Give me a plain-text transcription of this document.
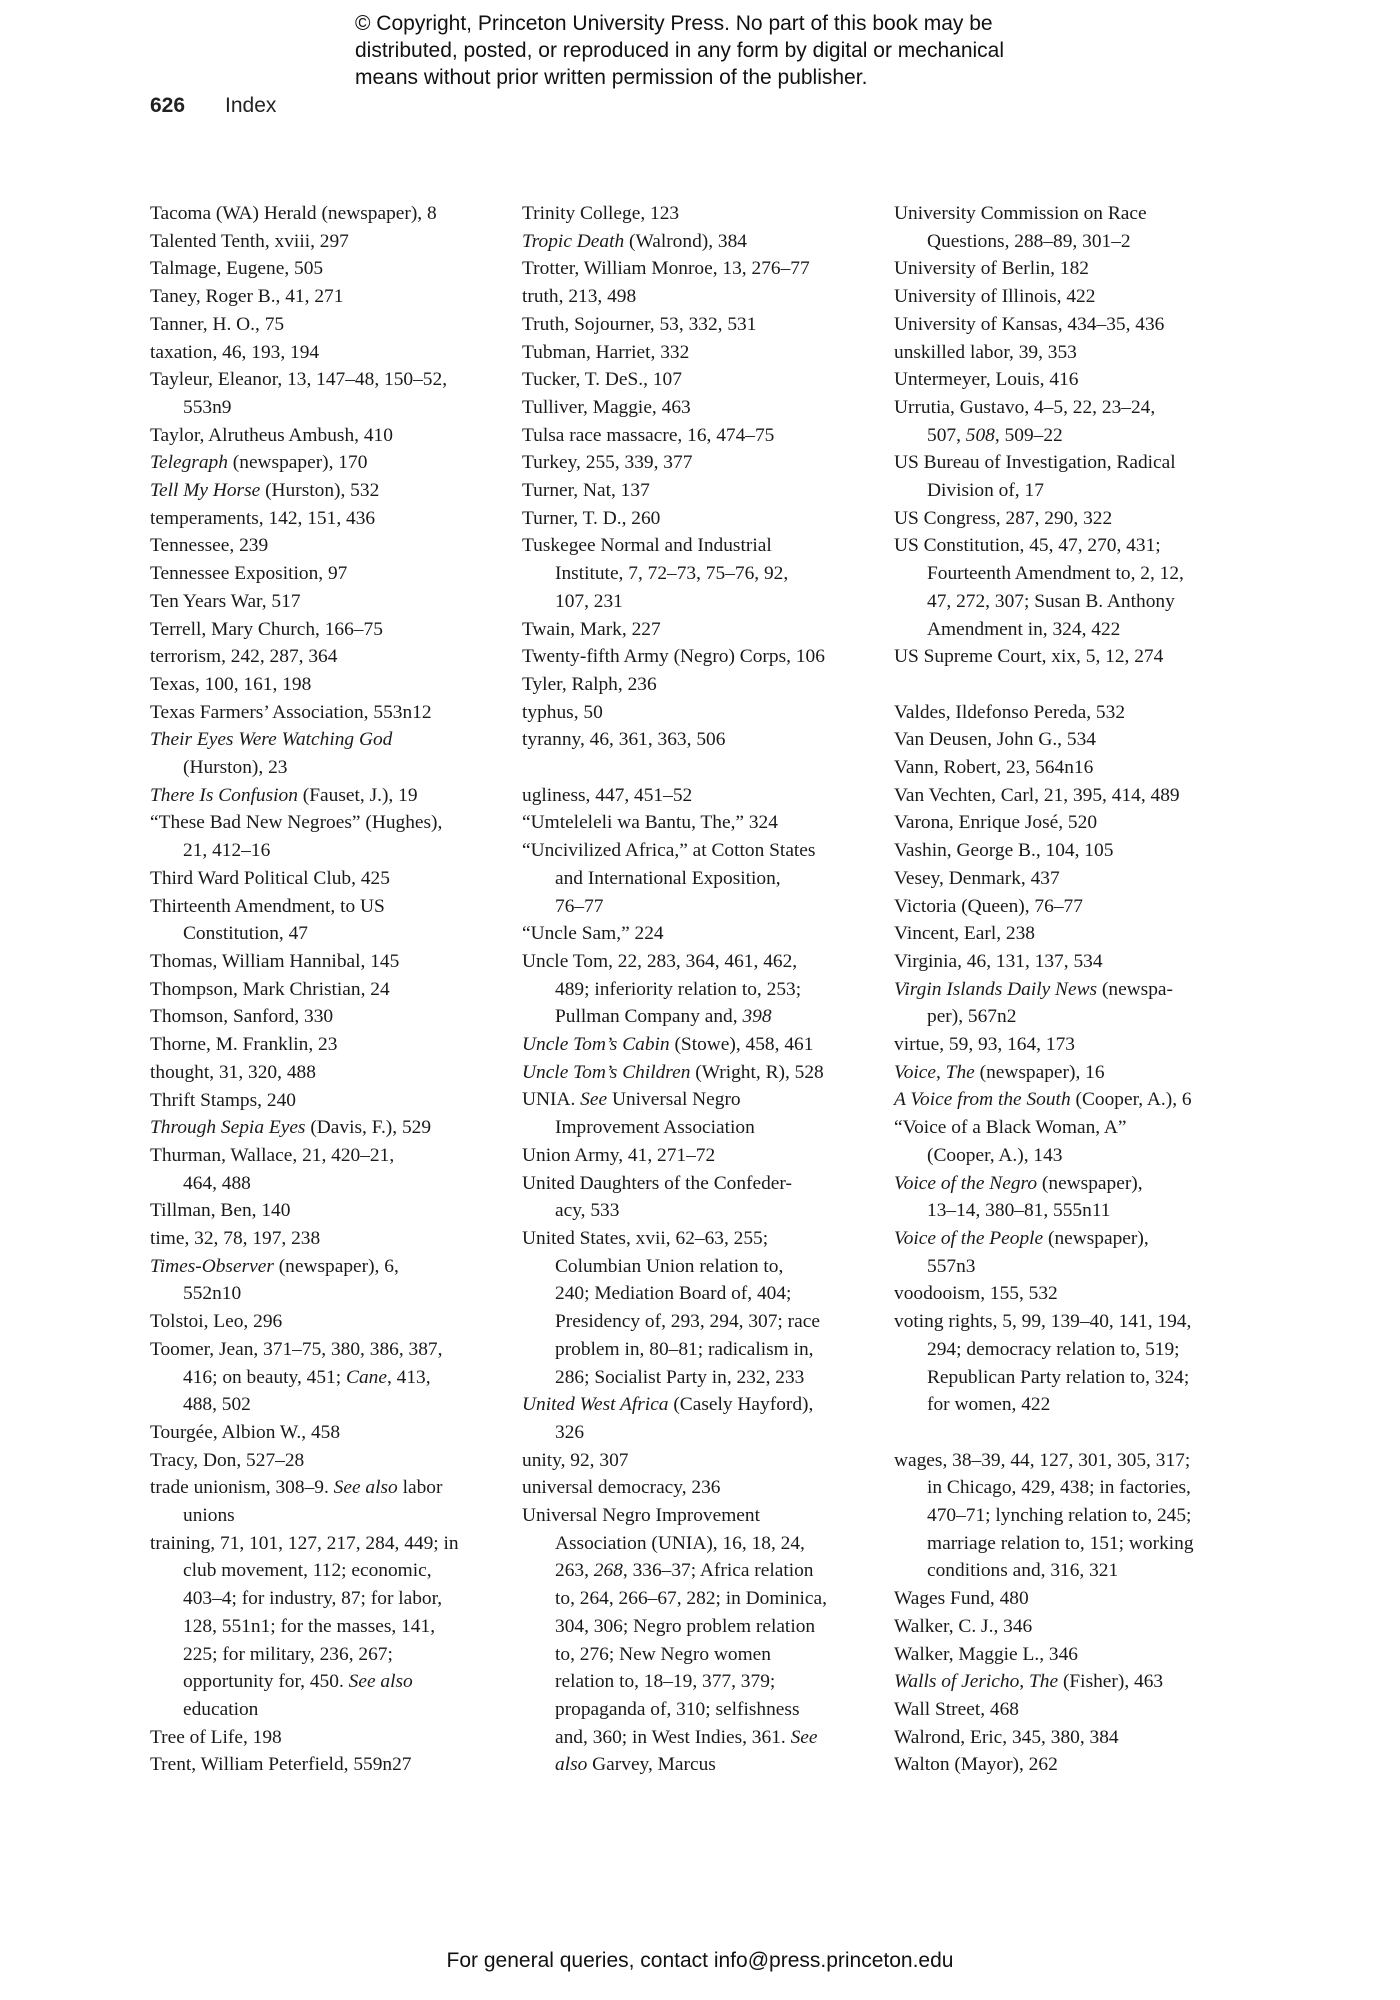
© Copyright, Princeton University Press. No part of this book may be
distributed, posted, or reproduced in any form by digital or mechanical
means without prior written permission of the publisher.
626 Index
Tacoma (WA) Herald (newspaper), 8
Talented Tenth, xviii, 297
Talmage, Eugene, 505
Taney, Roger B., 41, 271
Tanner, H. O., 75
taxation, 46, 193, 194
Tayleur, Eleanor, 13, 147–48, 150–52,
553n9
Taylor, Alrutheus Ambush, 410
Telegraph (newspaper), 170
Tell My Horse (Hurston), 532
temperaments, 142, 151, 436
Tennessee, 239
Tennessee Exposition, 97
Ten Years War, 517
Terrell, Mary Church, 166–75
terrorism, 242, 287, 364
Texas, 100, 161, 198
Texas Farmers’ Association, 553n12
Their Eyes Were Watching God
(Hurston), 23
There Is Confusion (Fauset, J.), 19
“These Bad New Negroes” (Hughes),
21, 412–16
Third Ward Political Club, 425
Thirteenth Amendment, to US
Constitution, 47
Thomas, William Hannibal, 145
Thompson, Mark Christian, 24
Thomson, Sanford, 330
Thorne, M. Franklin, 23
thought, 31, 320, 488
Thrift Stamps, 240
Through Sepia Eyes (Davis, F.), 529
Thurman, Wallace, 21, 420–21,
464, 488
Tillman, Ben, 140
time, 32, 78, 197, 238
Times-Observer (newspaper), 6,
552n10
Tolstoi, Leo, 296
Toomer, Jean, 371–75, 380, 386, 387,
416; on beauty, 451; Cane, 413,
488, 502
Tourgée, Albion W., 458
Tracy, Don, 527–28
trade unionism, 308–9. See also labor
unions
training, 71, 101, 127, 217, 284, 449; in
club movement, 112; economic,
403–4; for industry, 87; for labor,
128, 551n1; for the masses, 141,
225; for military, 236, 267;
opportunity for, 450. See also
education
Tree of Life, 198
Trent, William Peterfield, 559n27
Trinity College, 123
Tropic Death (Walrond), 384
Trotter, William Monroe, 13, 276–77
truth, 213, 498
Truth, Sojourner, 53, 332, 531
Tubman, Harriet, 332
Tucker, T. DeS., 107
Tulliver, Maggie, 463
Tulsa race massacre, 16, 474–75
Turkey, 255, 339, 377
Turner, Nat, 137
Turner, T. D., 260
Tuskegee Normal and Industrial
Institute, 7, 72–73, 75–76, 92,
107, 231
Twain, Mark, 227
Twenty-fifth Army (Negro) Corps, 106
Tyler, Ralph, 236
typhus, 50
tyranny, 46, 361, 363, 506
ugliness, 447, 451–52
“Umteleleli wa Bantu, The,” 324
“Uncivilized Africa,” at Cotton States
and International Exposition,
76–77
“Uncle Sam,” 224
Uncle Tom, 22, 283, 364, 461, 462,
489; inferiority relation to, 253;
Pullman Company and, 398
Uncle Tom’s Cabin (Stowe), 458, 461
Uncle Tom’s Children (Wright, R), 528
UNIA. See Universal Negro
Improvement Association
Union Army, 41, 271–72
United Daughters of the Confeder-
acy, 533
United States, xvii, 62–63, 255;
Columbian Union relation to,
240; Mediation Board of, 404;
Presidency of, 293, 294, 307; race
problem in, 80–81; radicalism in,
286; Socialist Party in, 232, 233
United West Africa (Casely Hayford),
326
unity, 92, 307
universal democracy, 236
Universal Negro Improvement
Association (UNIA), 16, 18, 24,
263, 268, 336–37; Africa relation
to, 264, 266–67, 282; in Dominica,
304, 306; Negro problem relation
to, 276; New Negro women
relation to, 18–19, 377, 379;
propaganda of, 310; selfishness
and, 360; in West Indies, 361. See
also Garvey, Marcus
University Commission on Race
Questions, 288–89, 301–2
University of Berlin, 182
University of Illinois, 422
University of Kansas, 434–35, 436
unskilled labor, 39, 353
Untermeyer, Louis, 416
Urrutia, Gustavo, 4–5, 22, 23–24,
507, 508, 509–22
US Bureau of Investigation, Radical
Division of, 17
US Congress, 287, 290, 322
US Constitution, 45, 47, 270, 431;
Fourteenth Amendment to, 2, 12,
47, 272, 307; Susan B. Anthony
Amendment in, 324, 422
US Supreme Court, xix, 5, 12, 274
Valdes, Ildefonso Pereda, 532
Van Deusen, John G., 534
Vann, Robert, 23, 564n16
Van Vechten, Carl, 21, 395, 414, 489
Varona, Enrique José, 520
Vashin, George B., 104, 105
Vesey, Denmark, 437
Victoria (Queen), 76–77
Vincent, Earl, 238
Virginia, 46, 131, 137, 534
Virgin Islands Daily News (newspa-
per), 567n2
virtue, 59, 93, 164, 173
Voice, The (newspaper), 16
A Voice from the South (Cooper, A.), 6
“Voice of a Black Woman, A”
(Cooper, A.), 143
Voice of the Negro (newspaper),
13–14, 380–81, 555n11
Voice of the People (newspaper),
557n3
voodooism, 155, 532
voting rights, 5, 99, 139–40, 141, 194,
294; democracy relation to, 519;
Republican Party relation to, 324;
for women, 422
wages, 38–39, 44, 127, 301, 305, 317;
in Chicago, 429, 438; in factories,
470–71; lynching relation to, 245;
marriage relation to, 151; working
conditions and, 316, 321
Wages Fund, 480
Walker, C. J., 346
Walker, Maggie L., 346
Walls of Jericho, The (Fisher), 463
Wall Street, 468
Walrond, Eric, 345, 380, 384
Walton (Mayor), 262
For general queries, contact info@press.princeton.edu
